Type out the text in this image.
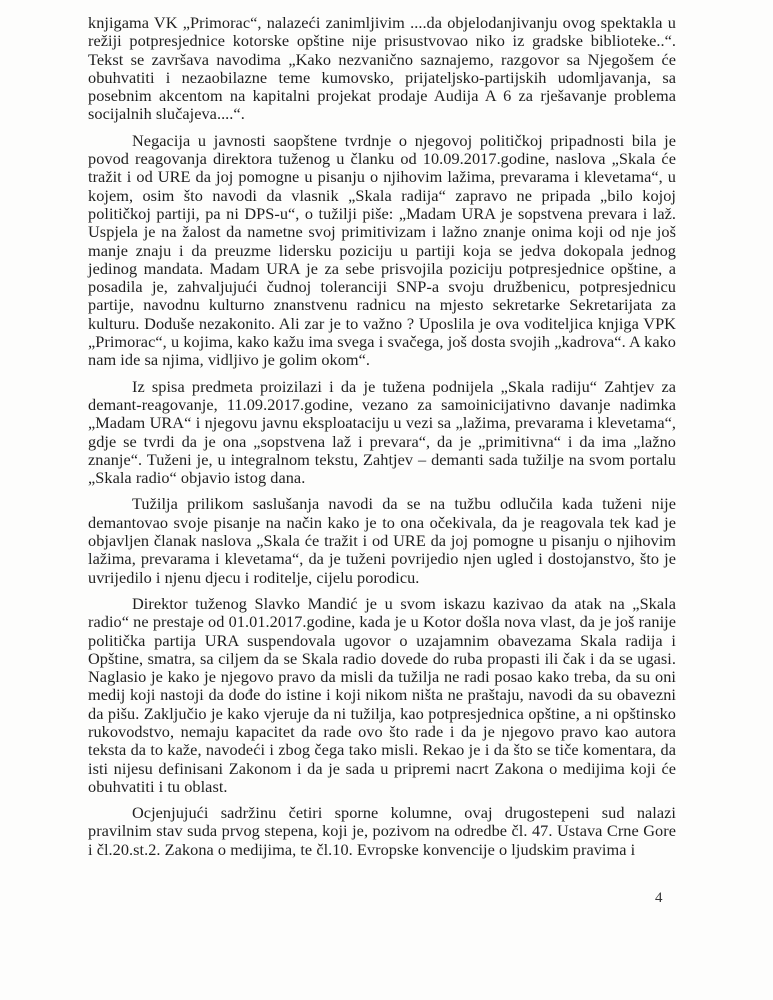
knjigama VK „Primorac“, nalazeći zanimljivim ....da objelodanjivanju ovog spektakla u režiji potpresjednice kotorske opštine nije prisustvovao niko iz gradske biblioteke..“. Tekst se završava navodima „Kako nezvanično saznajemo, razgovor sa Njegošem će obuhvatiti i nezaobilazne teme kumovsko, prijateljsko-partijskih udomljavanja, sa posebnim akcentom na kapitalni projekat prodaje Audija A 6 za rješavanje problema socijalnih slučajeva....“.

Negacija u javnosti saopštene tvrdnje o njegovoj političkoj pripadnosti bila je povod reagovanja direktora tuženog u članku od 10.09.2017.godine, naslova „Skala će tražit i od URE da joj pomogne u pisanju o njihovim lažima, prevarama i klevetama“, u kojem, osim što navodi da vlasnik „Skala radija“ zapravo ne pripada „bilo kojoj političkoj partiji, pa ni DPS-u“, o tužilji piše: „Madam URA je sopstvena prevara i laž. Uspjela je na žalost da nametne svoj primitivizam i lažno znanje onima koji od nje još manje znaju i da preuzme lidersku poziciju u partiji koja se jedva dokopala jednog jedinog mandata. Madam URA je za sebe prisvojila poziciju potpresjednice opštine, a posadila je, zahvaljujući čudnoj toleranciji SNP-a svoju družbenicu, potpresjednicu partije, navodnu kulturno znanstvenu radnicu na mjesto sekretarke Sekretarijata za kulturu. Doduše nezakonito. Ali zar je to važno ? Uposlila je ova voditeljica knjiga VPK „Primorac“, u kojima, kako kažu ima svega i svačega, još dosta svojih „kadrova“. A kako nam ide sa njima, vidljivo je golim okom“.

Iz spisa predmeta proizilazi i da je tužena podnijela „Skala radiju“ Zahtjev za demant-reagovanje, 11.09.2017.godine, vezano za samoinicijativno davanje nadimka „Madam URA“ i njegovu javnu eksploataciju u vezi sa „lažima, prevarama i klevetama“, gdje se tvrdi da je ona „sopstvena laž i prevara“, da je „primitivna“ i da ima „lažno znanje“. Tuženi je, u integralnom tekstu, Zahtjev – demanti sada tužilje na svom portalu „Skala radio“ objavio istog dana.

Tužilja prilikom saslušanja navodi da se na tužbu odlučila kada tuženi nije demantovao svoje pisanje na način kako je to ona očekivala, da je reagovala tek kad je objavljen članak naslova „Skala će tražit i od URE da joj pomogne u pisanju o njihovim lažima, prevarama i klevetama“, da je tuženi povrijedio njen ugled i dostojanstvo, što je uvrijedilo i njenu djecu i roditelje, cijelu porodicu.

Direktor tuženog Slavko Mandić je u svom iskazu kazivao da atak na „Skala radio“ ne prestaje od 01.01.2017.godine, kada je u Kotor došla nova vlast, da je još ranije politička partija URA suspendovala ugovor o uzajamnim obavezama Skala radija i Opštine, smatra, sa ciljem da se Skala radio dovede do ruba propasti ili čak i da se ugasi. Naglasio je kako je njegovo pravo da misli da tužilja ne radi posao kako treba, da su oni medij koji nastoji da dođe do istine i koji nikom ništa ne praštaju, navodi da su obavezni da pišu. Zaključio je kako vjeruje da ni tužilja, kao potpresjednica opštine, a ni opštinsko rukovodstvo, nemaju kapacitet da rade ovo što rade i da je njegovo pravo kao autora teksta da to kaže, navodeći i zbog čega tako misli. Rekao je i da što se tiče komentara, da isti nijesu definisani Zakonom i da je sada u pripremi nacrt Zakona o medijima koji će obuhvatiti i tu oblast.

Ocjenjujući sadržinu četiri sporne kolumne, ovaj drugostepeni sud nalazi pravilnim stav suda prvog stepena, koji je, pozivom na odredbe čl. 47. Ustava Crne Gore i čl.20.st.2. Zakona o medijima, te čl.10. Evropske konvencije o ljudskim pravima i

4
